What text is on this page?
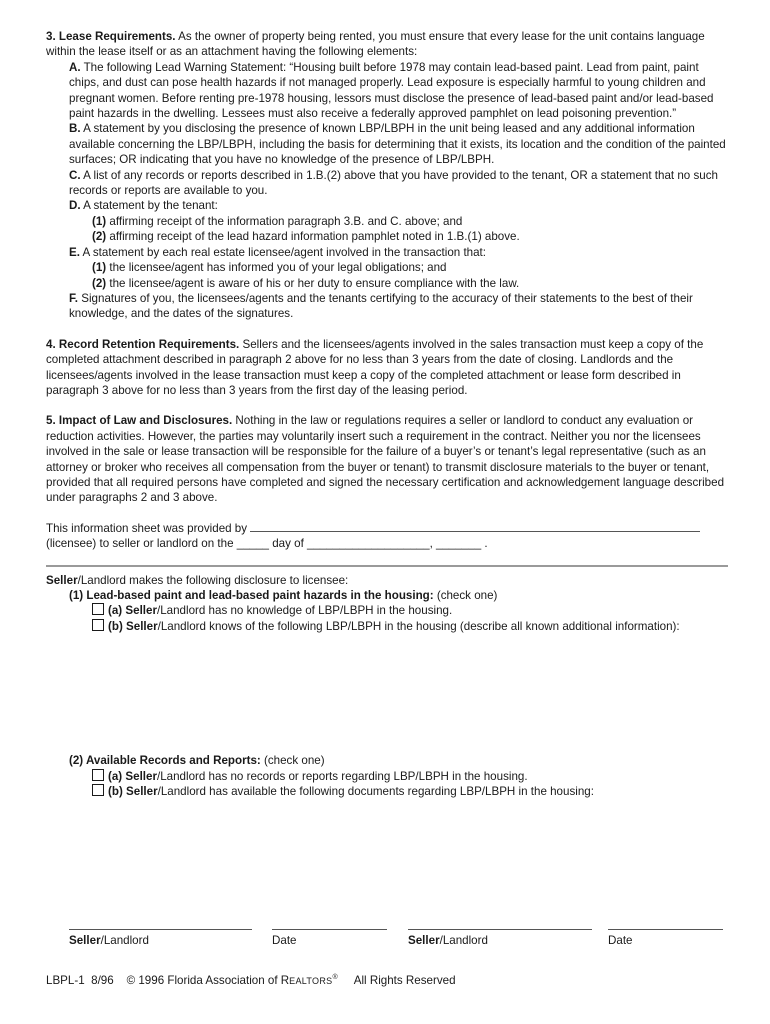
3. Lease Requirements. As the owner of property being rented, you must ensure that every lease for the unit contains language within the lease itself or as an attachment having the following elements:

A. The following Lead Warning Statement: “Housing built before 1978 may contain lead-based paint. Lead from paint, paint chips, and dust can pose health hazards if not managed properly. Lead exposure is especially harmful to young children and pregnant women. Before renting pre-1978 housing, lessors must disclose the presence of lead-based paint and/or lead-based paint hazards in the dwelling. Lessees must also receive a federally approved pamphlet on lead poisoning prevention.”

B. A statement by you disclosing the presence of known LBP/LBPH in the unit being leased and any additional information available concerning the LBP/LBPH, including the basis for determining that it exists, its location and the condition of the painted surfaces; OR indicating that you have no knowledge of the presence of LBP/LBPH.

C. A list of any records or reports described in 1.B.(2) above that you have provided to the tenant, OR a statement that no such records or reports are available to you.

D. A statement by the tenant:

(1) affirming receipt of the information paragraph 3.B. and C. above; and

(2) affirming receipt of the lead hazard information pamphlet noted in 1.B.(1) above.

E. A statement by each real estate licensee/agent involved in the transaction that:

(1) the licensee/agent has informed you of your legal obligations; and

(2) the licensee/agent is aware of his or her duty to ensure compliance with the law.

F. Signatures of you, the licensees/agents and the tenants certifying to the accuracy of their statements to the best of their knowledge, and the dates of the signatures.

4. Record Retention Requirements. Sellers and the licensees/agents involved in the sales transaction must keep a copy of the completed attachment described in paragraph 2 above for no less than 3 years from the date of closing. Landlords and the licensees/agents involved in the lease transaction must keep a copy of the completed attachment or lease form described in paragraph 3 above for no less than 3 years from the first day of the leasing period.

5. Impact of Law and Disclosures. Nothing in the law or regulations requires a seller or landlord to conduct any evaluation or reduction activities. However, the parties may voluntarily insert such a requirement in the contract. Neither you nor the licensees involved in the sale or lease transaction will be responsible for the failure of a buyer’s or tenant’s legal representative (such as an attorney or broker who receives all compensation from the buyer or tenant) to transmit disclosure materials to the buyer or tenant, provided that all required persons have completed and signed the necessary certification and acknowledgement language described under paragraphs 2 and 3 above.

This information sheet was provided by

(licensee) to seller or landlord on the _____ day of ___________________, _______ .

Seller/Landlord makes the following disclosure to licensee:

(1) Lead-based paint and lead-based paint hazards in the housing: (check one)

(a) Seller/Landlord has no knowledge of LBP/LBPH in the housing.

(b) Seller/Landlord knows of the following LBP/LBPH in the housing (describe all known additional information):

(2) Available Records and Reports: (check one)

(a) Seller/Landlord has no records or reports regarding LBP/LBPH in the housing.

(b) Seller/Landlord has available the following documents regarding LBP/LBPH in the housing:

Seller/Landlord	Date	Seller/Landlord	Date
LBPL-1 8/96 © 1996 Florida Association of REALTORS® All Rights Reserved
